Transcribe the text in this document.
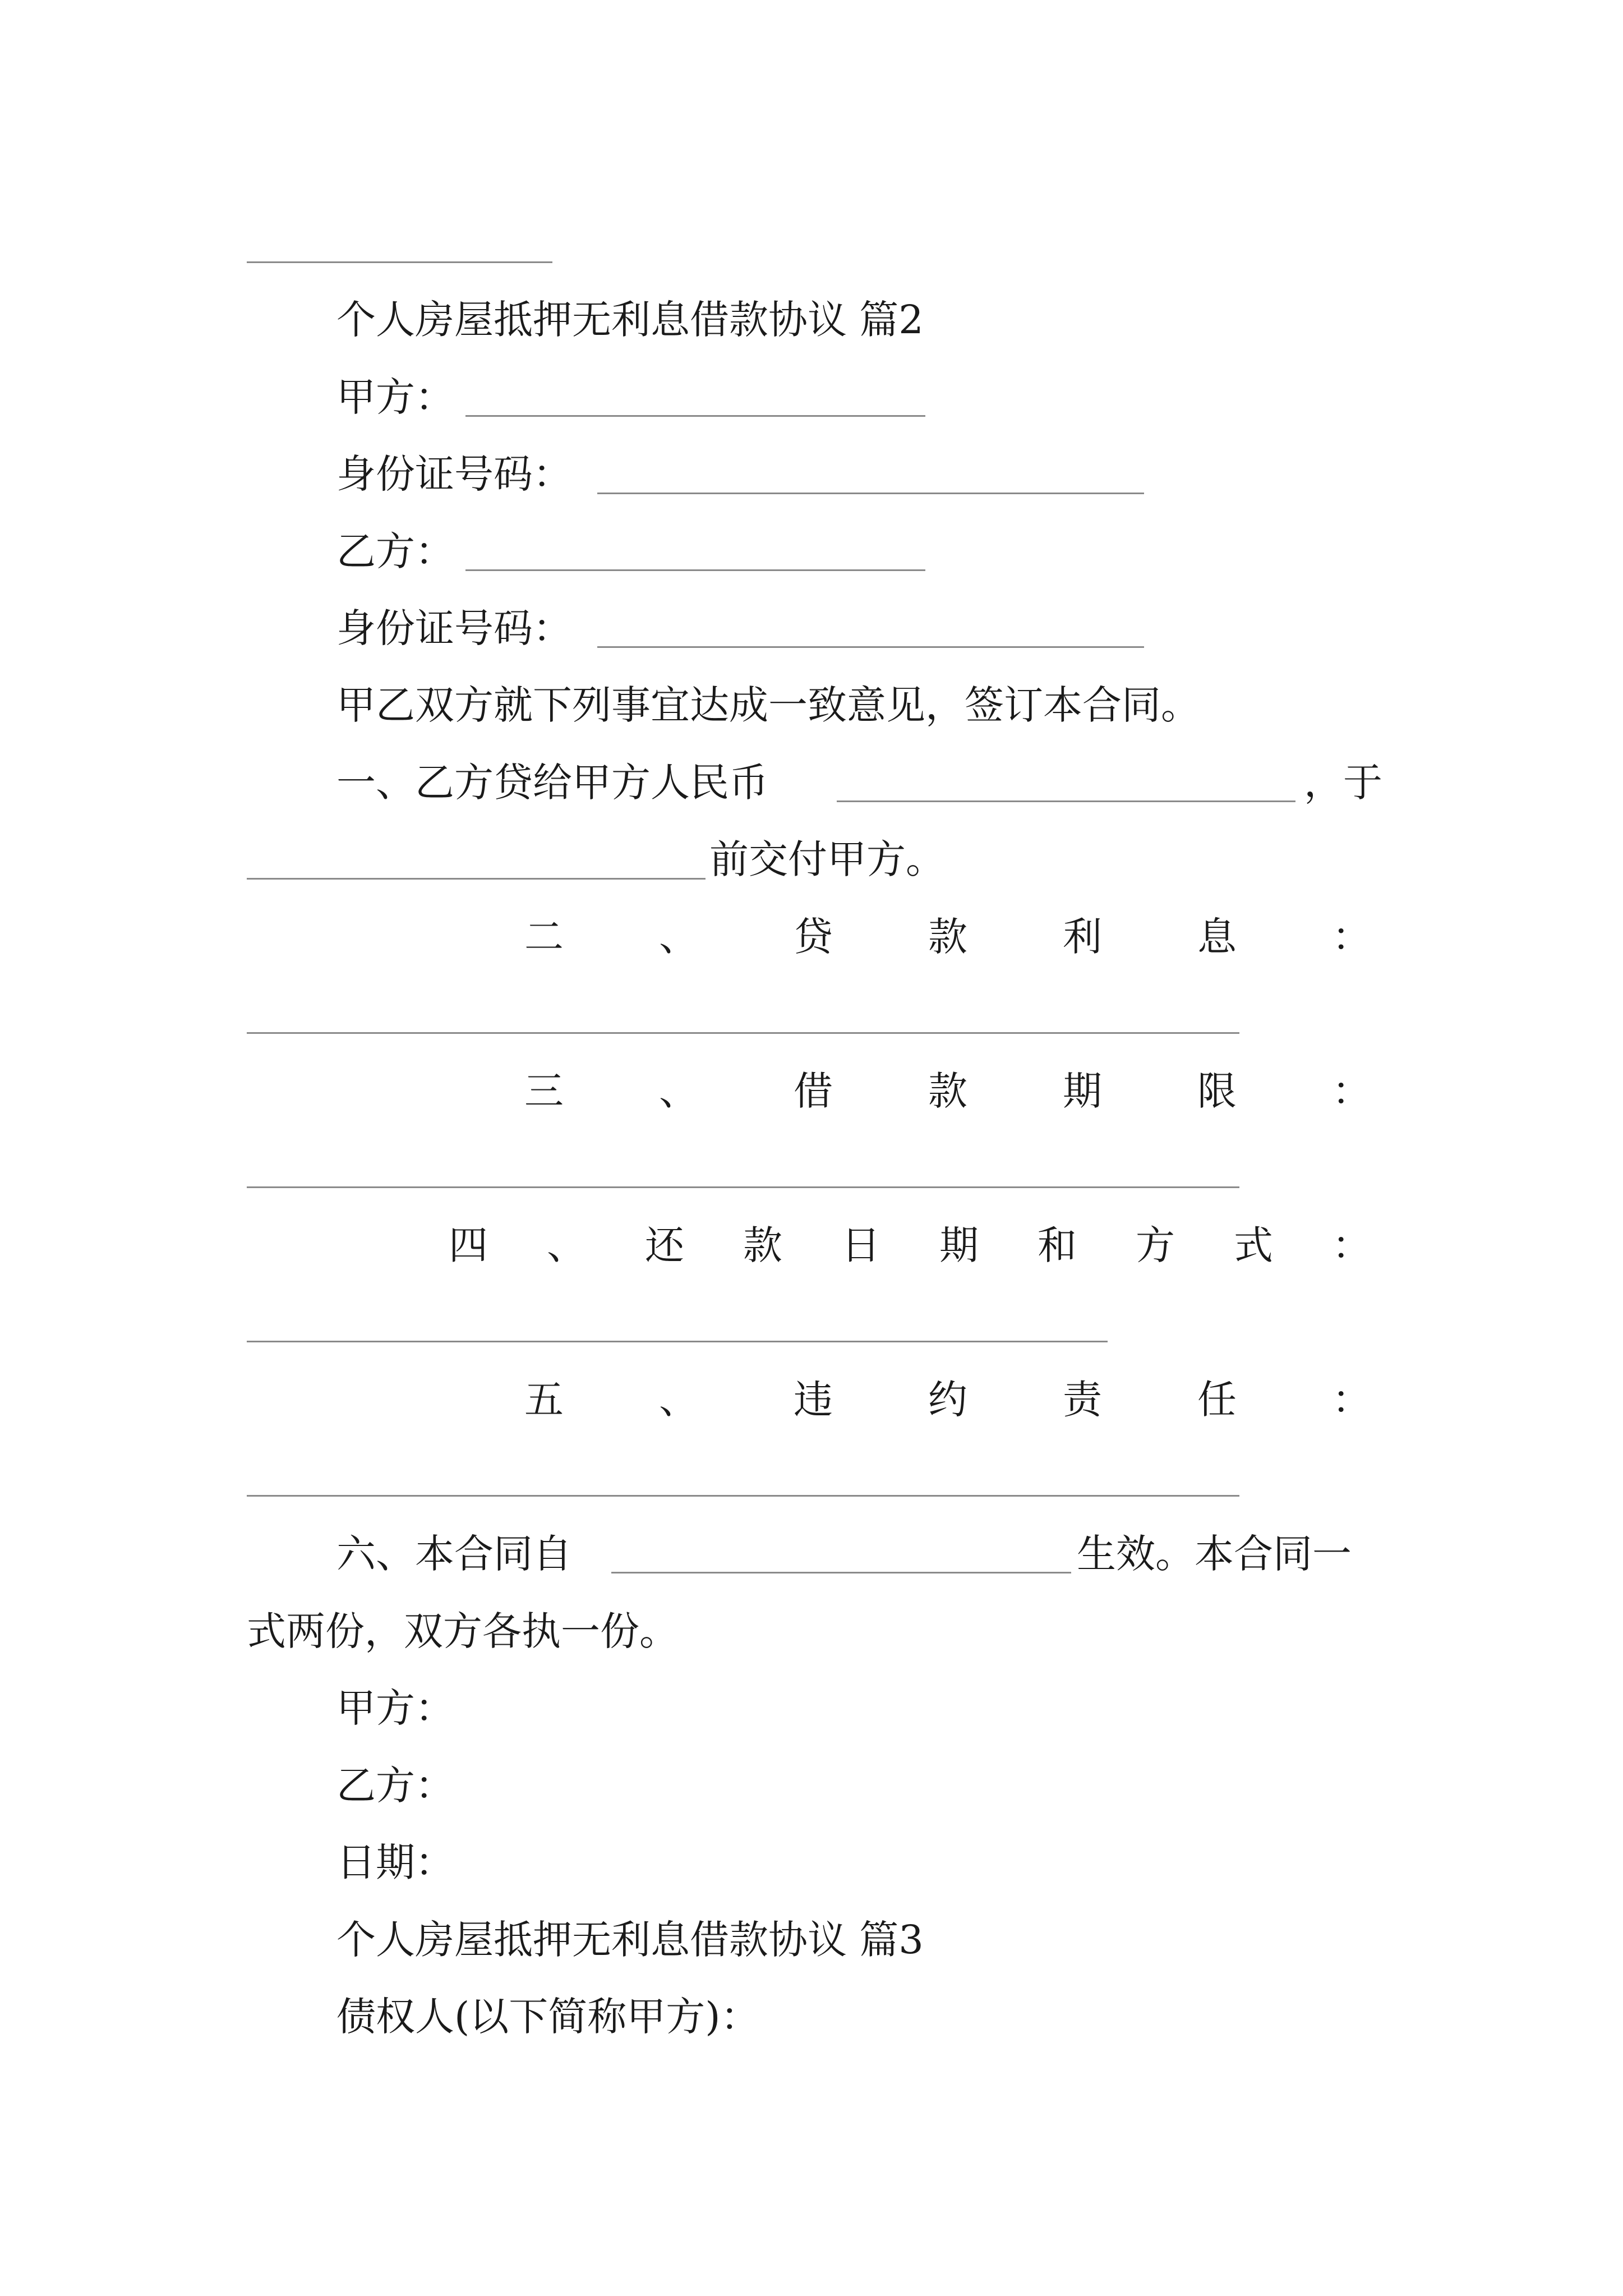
个人房屋抵押无利息借款协议 篇2
甲方：
身份证号码：
乙方：
身份证号码：
甲乙双方就下列事宜达成一致意见，签订本合同。
一、乙方贷给甲方人民币	，于
前交付甲方。
二 、 贷 款 利 息 ：
三 、 借 款 期 限 ：
四 、 还 款 日 期 和 方 式 ：
五 、 违 约 责 任 ：
六、本合同自	生效。本合同一
式两份，双方各执一份。
甲方：
乙方：
日期：
个人房屋抵押无利息借款协议 篇3
债权人(以下简称甲方)：
